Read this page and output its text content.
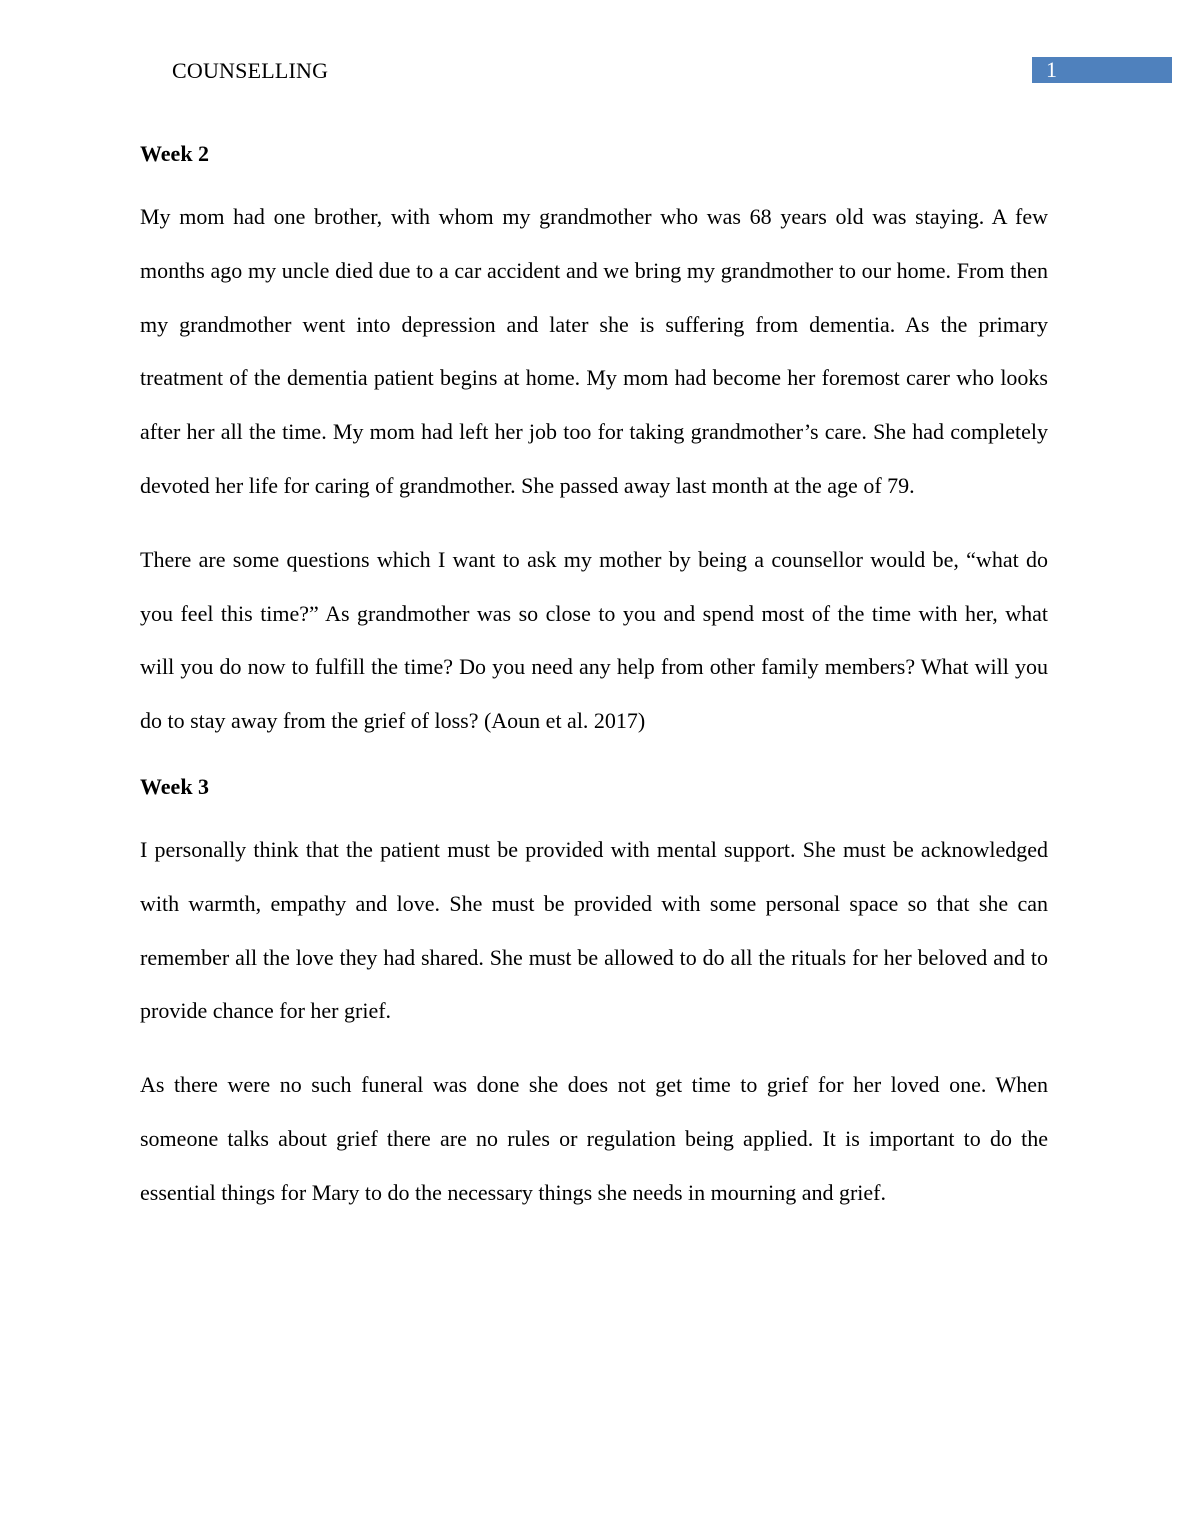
COUNSELLING	1
Week 2

My mom had one brother, with whom my grandmother who was 68 years old was staying. A few months ago my uncle died due to a car accident and we bring my grandmother to our home. From then my grandmother went into depression and later she is suffering from dementia. As the primary treatment of the dementia patient begins at home. My mom had become her foremost carer who looks after her all the time. My mom had left her job too for taking grandmother’s care. She had completely devoted her life for caring of grandmother. She passed away last month at the age of 79.

There are some questions which I want to ask my mother by being a counsellor would be, “what do you feel this time?” As grandmother was so close to you and spend most of the time with her, what will you do now to fulfill the time? Do you need any help from other family members? What will you do to stay away from the grief of loss? (Aoun et al. 2017)

Week 3

I personally think that the patient must be provided with mental support. She must be acknowledged with warmth, empathy and love. She must be provided with some personal space so that she can remember all the love they had shared. She must be allowed to do all the rituals for her beloved and to provide chance for her grief.

As there were no such funeral was done she does not get time to grief for her loved one. When someone talks about grief there are no rules or regulation being applied. It is important to do the essential things for Mary to do the necessary things she needs in mourning and grief.
